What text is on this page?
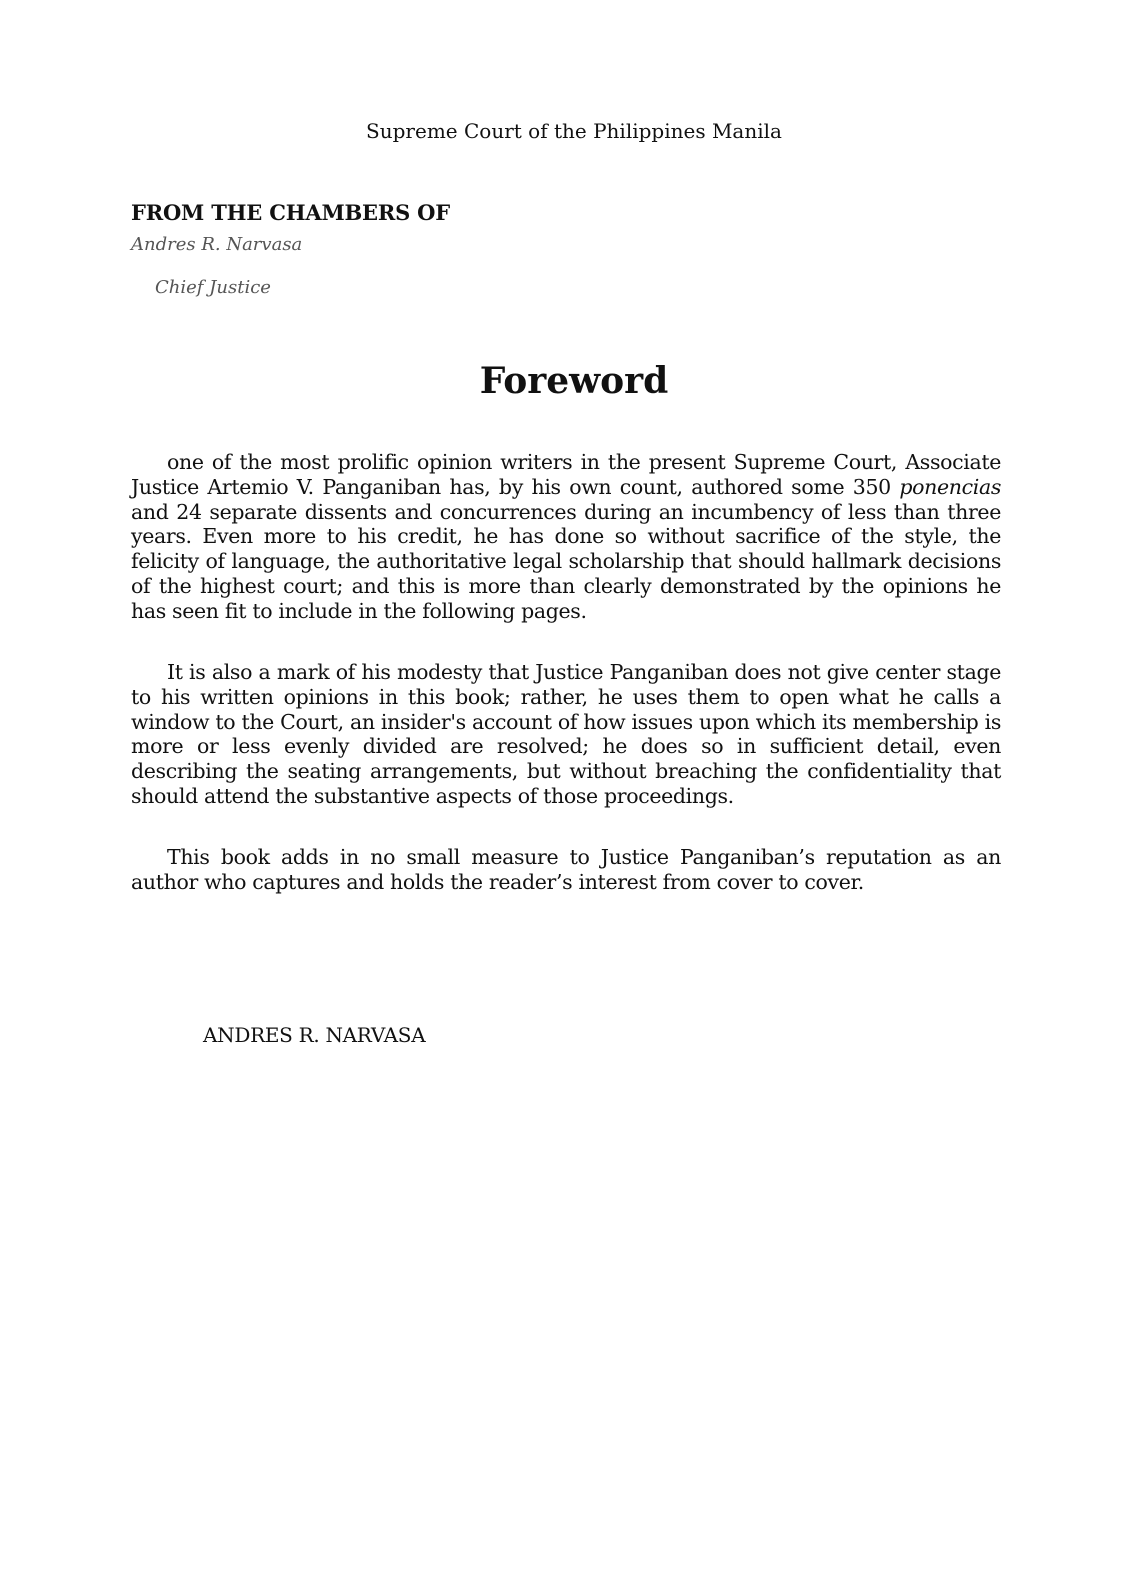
Supreme Court of the Philippines Manila
FROM THE CHAMBERS OF
Andres R. Narvasa
Chief Justice
Foreword

one of the most prolific opinion writers in the present Supreme Court, Associate Justice Artemio V. Panganiban has, by his own count, authored some 350 ponencias and 24 separate dissents and concurrences during an incumbency of less than three years. Even more to his credit, he has done so without sacrifice of the style, the felicity of language, the authoritative legal scholarship that should hallmark decisions of the highest court; and this is more than clearly demonstrated by the opinions he has seen fit to include in the following pages.

It is also a mark of his modesty that Justice Panganiban does not give center stage to his written opinions in this book; rather, he uses them to open what he calls a window to the Court, an insider's account of how issues upon which its membership is more or less evenly divided are resolved; he does so in sufficient detail, even describing the seating arrangements, but without breaching the confidentiality that should attend the substantive aspects of those proceedings.

This book adds in no small measure to Justice Panganiban’s reputation as an author who captures and holds the reader’s interest from cover to cover.

ANDRES R. NARVASA
